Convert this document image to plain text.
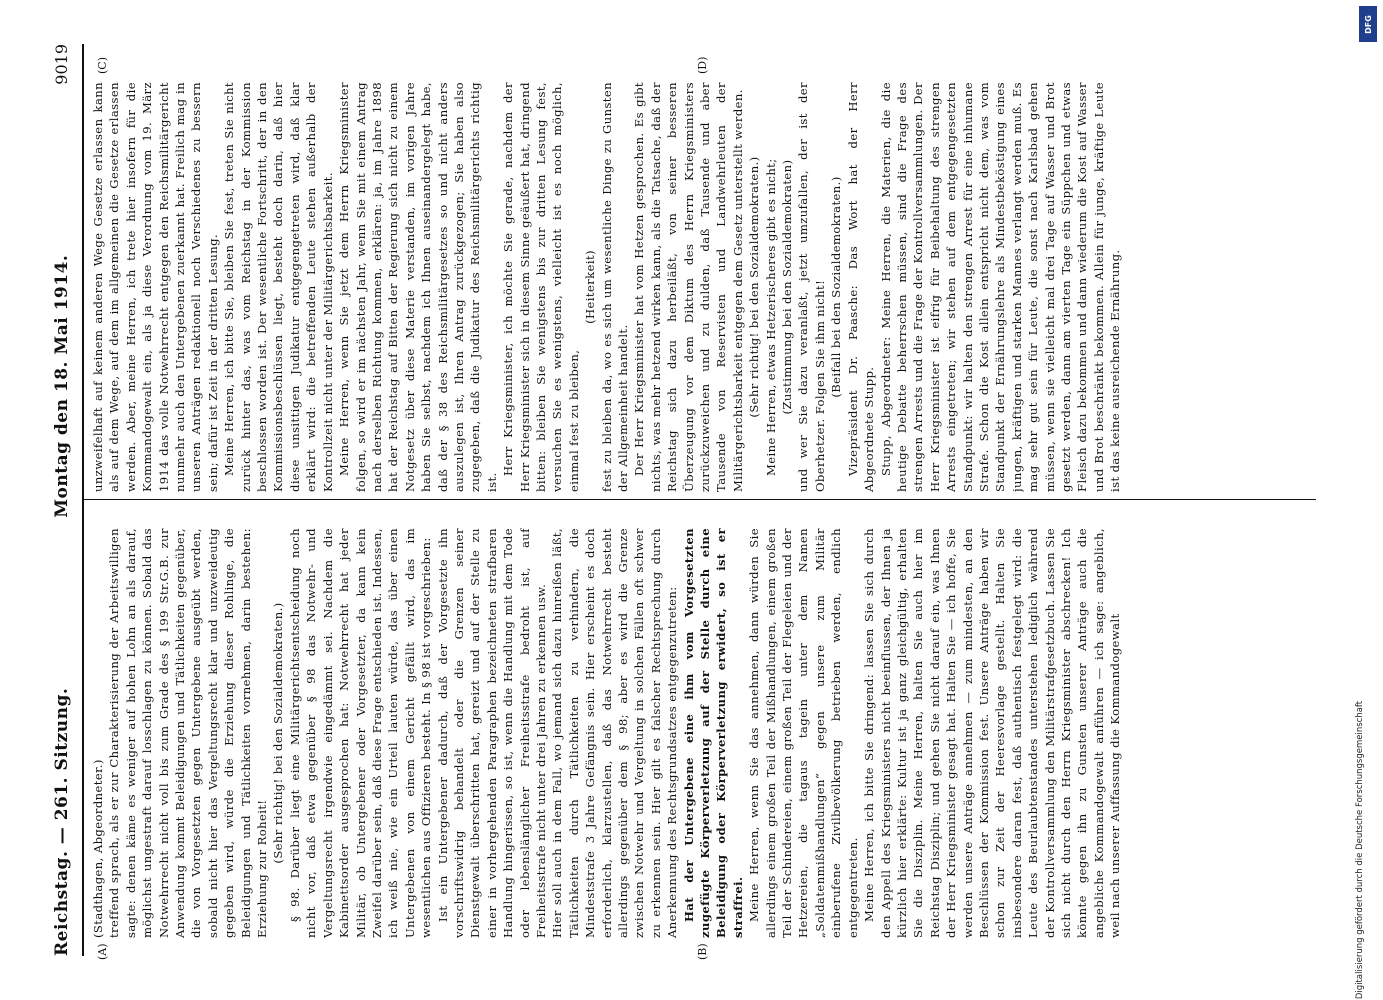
Reichstag. — 261. Sitzung.
Montag den 18. Mai 1914.
9019
(A)	(B)
(C)	(D)

(Stadthagen, Abgeordneter.) treffend sprach, als er zur Charakterisierung der Arbeitswilligen sagte: denen käme es weniger auf hohen Lohn an als darauf, möglichst ungestraft darauf losschlagen zu können. Sobald das Notwehrrecht nicht voll bis zum Grade des § 199 Str.G.B. zur Anwendung kommt Beleidigungen und Tätlichkeiten gegenüber, die von Vorgesetzten gegen Untergebene ausgeübt werden, sobald nicht hier das Vergeltungsrecht klar und unzweideutig gegeben wird, würde die Erziehung dieser Rohlinge, die Beleidigungen und Tätlichkeiten vornehmen, darin bestehen: Erziehung zur Roheit!

(Sehr richtig! bei den Sozialdemokraten.) § 98. Darüber liegt eine Militärgerichtsentscheidung noch nicht vor, daß etwa gegenüber § 98 das Notwehr- und Vergeltungsrecht irgendwie eingedämmt sei. Nachdem die Kabinettsorder ausgesprochen hat: Notwehrrecht hat jeder Militär, ob Untergebener oder Vorgesetzter, da kann kein Zweifel darüber sein, daß diese Frage entschieden ist. Indessen, ich weiß nie, wie ein Urteil lauten würde, das über einen Untergebenen von einem Gericht gefällt wird, das im wesentlichen aus Offizieren besteht. In § 98 ist vorgeschrieben: Ist ein Untergebener dadurch, daß der Vorgesetzte ihn vorschriftswidrig behandelt oder die Grenzen seiner Dienstgewalt überschritten hat, gereizt und auf der Stelle zu einer in vorhergehenden Paragraphen bezeichneten strafbaren Handlung hingerissen, so ist, wenn die Handlung mit dem Tode oder lebenslänglicher Freiheitsstrafe bedroht ist, auf Freiheitsstrafe nicht unter drei Jahren zu erkennen usw. Hier soll auch in dem Fall, wo jemand sich dazu hinreißen läßt, Tätlichkeiten durch Tätlichkeiten zu verhindern, die Mindeststrafe 3 Jahre Gefängnis sein. Hier erscheint es doch erforderlich, klarzustellen, daß das Notwehrrecht besteht allerdings gegenüber dem § 98; aber es wird die Grenze zwischen Notwehr und Vergeltung in solchen Fällen oft schwer zu erkennen sein. Hier gilt es falscher Rechtsprechung durch Anerkennung des Rechtsgrundsatzes entgegenzutreten: Hat der Untergebene eine ihm vom Vorgesetzten zugefügte Körperverletzung auf der Stelle durch eine Beleidigung oder Körperverletzung erwidert, so ist er straffrei. Meine Herren, wenn Sie das annehmen, dann würden Sie allerdings einem großen Teil der Mißhandlungen, einem großen Teil der Schindereien, einem großen Teil der Flegeleien und der Hetzereien, die tagaus tagein unter dem Namen „Soldatenmißhandlungen“ gegen unsere zum Militär einberufene Zivilbevölkerung betrieben werden, endlich entgegentreten. Meine Herren, ich bitte Sie dringend: lassen Sie sich durch den Appell des Kriegsministers nicht beeinflussen, der Ihnen ja kürzlich hier erklärte: Kultur ist ja ganz gleichgültig, erhalten Sie die Disziplin. Meine Herren, halten Sie auch hier im Reichstag Disziplin; und gehen Sie nicht darauf ein, was Ihnen der Herr Kriegsminister gesagt hat. Halten Sie — ich hoffe, Sie werden unsere Anträge annehmen — zum mindesten, an den Beschlüssen der Kommission fest. Unsere Anträge haben wir schon zur Zeit der Heeresvorlage gestellt. Halten Sie insbesondere daran fest, daß authentisch festgelegt wird: die Leute des Beurlaubtenstandes unterstehen lediglich während der Kontrollversammlung den Militärstrafgesetzbuch. Lassen Sie sich nicht durch den Herrn Kriegsminister abschrecken! Ich könnte gegen ihn zu Gunsten unserer Anträge auch die angebliche Kommandogewalt anführen — ich sage: angeblich, weil nach unserer Auffassung die Kommandogewalt

unzweifelhaft auf keinem anderen Wege Gesetze erlassen kann als auf dem Wege, auf dem im allgemeinen die Gesetze erlassen werden. Aber, meine Herren, ich trete hier insofern für die Kommandogewalt ein, als ja diese Verordnung vom 19. März 1914 das volle Notwehrrecht entgegen den Reichsmilitärgericht nunmehr auch den Untergebenen zuerkannt hat. Freilich mag in unseren Anträgen redaktionell noch Verschiedenes zu bessern sein; dafür ist Zeit in der dritten Lesung. Meine Herren, ich bitte Sie, bleiben Sie fest, treten Sie nicht zurück hinter das, was vom Reichstag in der Kommission beschlossen worden ist. Der wesentliche Fortschritt, der in den Kommissionsbeschlüssen liegt, besteht doch darin, daß hier diese unsittigen Judikatur entgegengetreten wird, daß klar erklärt wird: die betreffenden Leute stehen außerhalb der Kontrollzeit nicht unter der Militärgerichtsbarkeit. Meine Herren, wenn Sie jetzt dem Herrn Kriegsminister folgen, so wird er im nächsten Jahr, wenn Sie mit einem Antrag nach derselben Richtung kommen, erklären: ja, im Jahre 1898 hat der Reichstag auf Bitten der Regierung sich nicht zu einem Notgesetz über diese Materie verstanden, im vorigen Jahre haben Sie selbst, nachdem ich Ihnen auseinandergelegt habe, daß der § 38 des Reichsmilitärgesetzes so und nicht anders auszulegen ist, Ihren Antrag zurückgezogen; Sie haben also zugegeben, daß die Judikatur des Reichsmilitärgerichts richtig ist.

Herr Kriegsminister, ich möchte Sie gerade, nachdem der Herr Kriegsminister sich in diesem Sinne geäußert hat, dringend bitten: bleiben Sie wenigstens bis zur dritten Lesung fest, versuchen Sie es wenigstens, vielleicht ist es noch möglich, einmal fest zu bleiben,

(Heiterkeit) fest zu bleiben da, wo es sich um wesentliche Dinge zu Gunsten der Allgemeinheit handelt. Der Herr Kriegsminister hat vom Hetzen gesprochen. Es gibt nichts, was mehr hetzend wirken kann, als die Tatsache, daß der Reichstag sich dazu herbeiläßt, von seiner besseren Überzeugung vor dem Diktum des Herrn Kriegsministers zurückzuweichen und zu dulden, daß Tausende und aber Tausende von Reservisten und Landwehrleuten der Militärgerichtsbarkeit entgegen dem Gesetz unterstellt werden. (Sehr richtig! bei den Sozialdemokraten.) Meine Herren, etwas Hetzerischeres gibt es nicht; (Zustimmung bei den Sozialdemokraten) und wer Sie dazu veranlaßt, jetzt umzufallen, der ist der Oberhetzer. Folgen Sie ihm nicht! (Beifall bei den Sozialdemokraten.) Vizepräsident Dr. Paasche: Das Wort hat der Herr Abgeordnete Stupp. Stupp, Abgeordneter: Meine Herren, die Materien, die die heutige Debatte beherrschen müssen, sind die Frage des strengen Arrests und die Frage der Kontrollversammlungen. Der Herr Kriegsminister ist eifrig für Beibehaltung des strengen Arrests eingetreten; wir stehen auf dem entgegengesetzten Standpunkt: wir halten den strengen Arrest für eine inhumane Strafe. Schon die Kost allein entspricht nicht dem, was vom Standpunkt der Ernährungslehre als Mindestbeköstigung eines jungen, kräftigen und starken Mannes verlangt werden muß. Es mag sehr gut sein für Leute, die sonst nach Karlsbad gehen müssen, wenn sie vielleicht mal drei Tage auf Wasser und Brot gesetzt werden, dann am vierten Tage ein Süppchen und etwas Fleisch dazu bekommen und dann wiederum die Kost auf Wasser und Brot beschränkt bekommen. Allein für junge, kräftige Leute ist das keine ausreichende Ernährung.

DFG
Digitalisierung gefördert durch die Deutsche Forschungsgemeinschaft
